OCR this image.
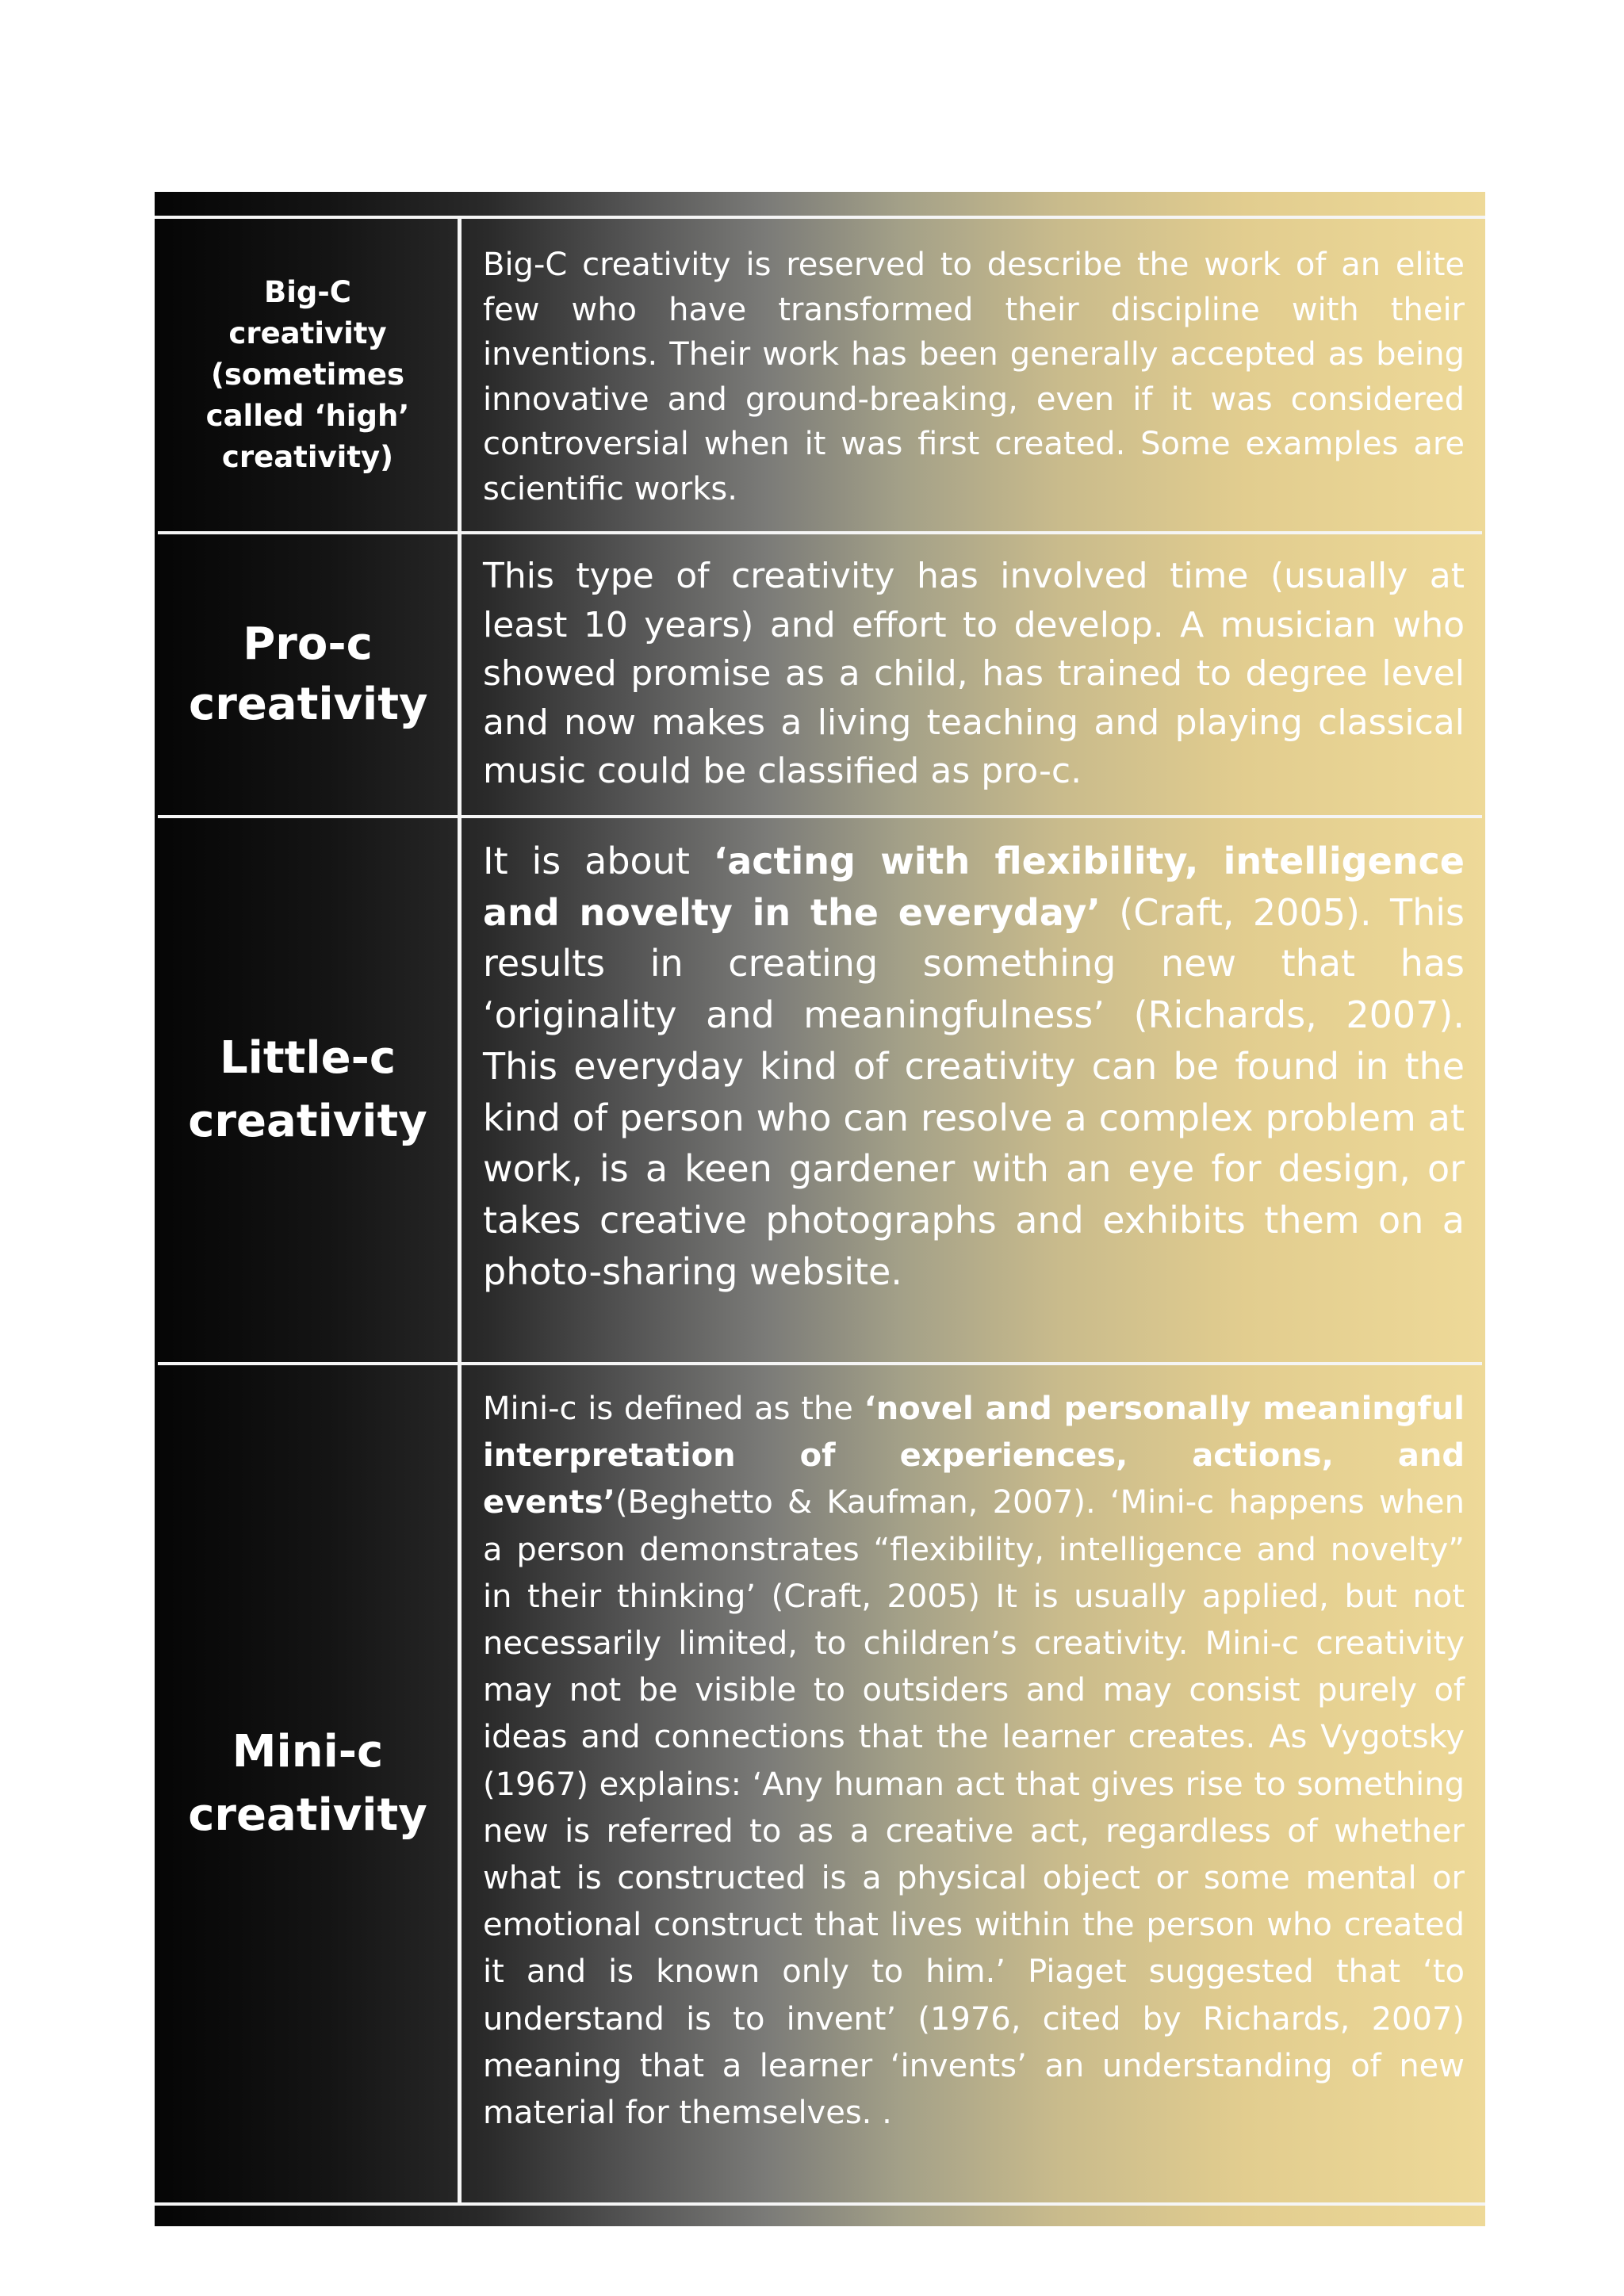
Big-C creativity (sometimes called ‘high’ creativity)

Big-C creativity is reserved to describe the work of an elite few who have transformed their discipline with their inventions. Their work has been generally accepted as being innovative and ground-breaking, even if it was considered controversial when it was first created. Some examples are scientific works.

Pro-c creativity

This type of creativity has involved time (usually at least 10 years) and effort to develop. A musician who showed promise as a child, has trained to degree level and now makes a living teaching and playing classical music could be classified as pro-c.

Little-c creativity

It is about ‘acting with flexibility, intelligence and novelty in the everyday’ (Craft, 2005). This results in creating something new that has ‘originality and meaningfulness’ (Richards, 2007). This everyday kind of creativity can be found in the kind of person who can resolve a complex problem at work, is a keen gardener with an eye for design, or takes creative photographs and exhibits them on a photo-sharing website.

Mini-c creativity

Mini-c is defined as the ‘novel and personally meaningful interpretation of experiences, actions, and events’(Beghetto & Kaufman, 2007). ‘Mini-c happens when a person demonstrates “flexibility, intelligence and novelty” in their thinking’ (Craft, 2005) It is usually applied, but not necessarily limited, to children’s creativity. Mini-c creativity may not be visible to outsiders and may consist purely of ideas and connections that the learner creates. As Vygotsky (1967) explains: ‘Any human act that gives rise to something new is referred to as a creative act, regardless of whether what is constructed is a physical object or some mental or emotional construct that lives within the person who created it and is known only to him.’ Piaget suggested that ‘to understand is to invent’ (1976, cited by Richards, 2007) meaning that a learner ‘invents’ an understanding of new material for themselves. .
